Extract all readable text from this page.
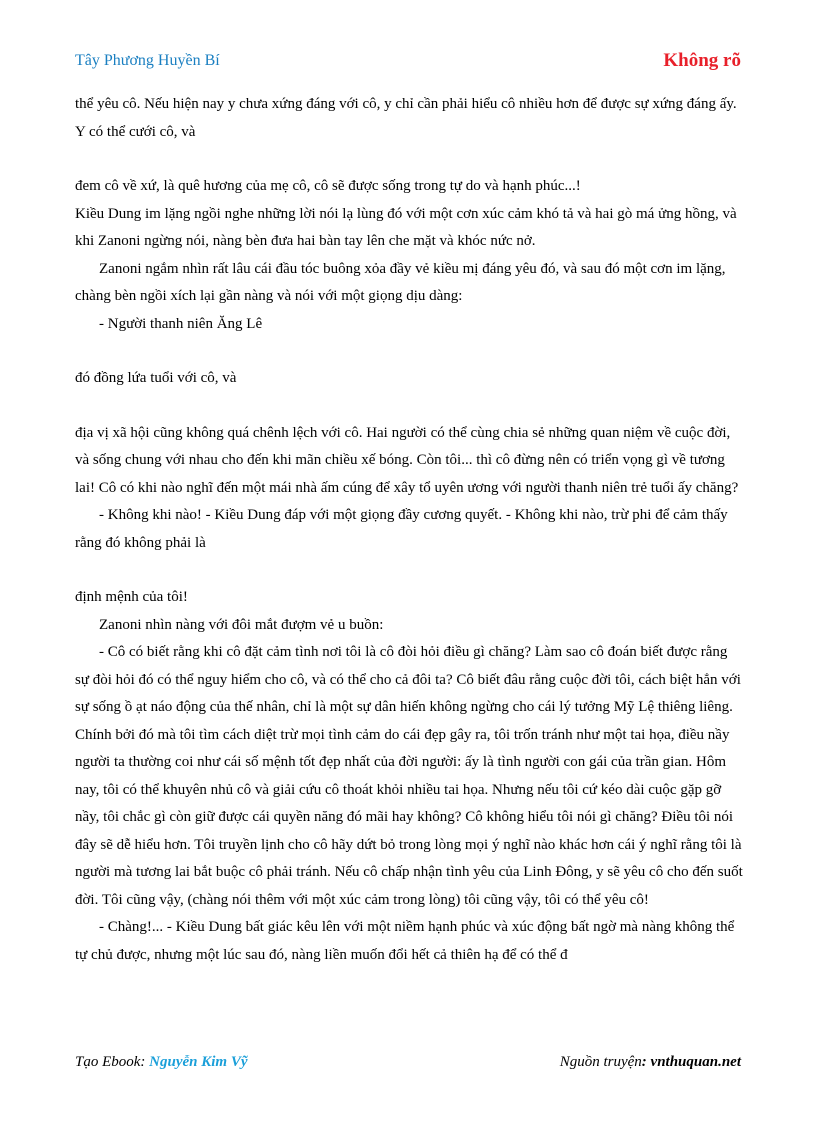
Tây Phương Huyền Bí	Không rõ

thể yêu cô. Nếu hiện nay y chưa xứng đáng với cô, y chỉ cần phải hiểu cô nhiều hơn để được sự xứng đáng ấy. Y có thể cưới cô, và

đem cô về xứ, là quê hương của mẹ cô, cô sẽ được sống trong tự do và hạnh phúc...!

Kiều Dung im lặng ngồi nghe những lời nói lạ lùng đó với một cơn xúc cảm khó tả và hai gò má ửng hồng, và khi Zanoni ngừng nói, nàng bèn đưa hai bàn tay lên che mặt và khóc nức nở.

Zanoni ngắm nhìn rất lâu cái đầu tóc buông xỏa đầy vẻ kiều mị đáng yêu đó, và sau đó một cơn im lặng, chàng bèn ngồi xích lại gần nàng và nói với một giọng dịu dàng:

- Người thanh niên Ăng Lê

đó đồng lứa tuổi với cô, và

địa vị xã hội cũng không quá chênh lệch với cô. Hai người có thể cùng chia sẻ những quan niệm về cuộc đời, và sống chung với nhau cho đến khi mãn chiều xế bóng. Còn tôi... thì cô đừng nên có triển vọng gì về tương lai! Cô có khi nào nghĩ đến một mái nhà ấm cúng để xây tổ uyên ương với người thanh niên trẻ tuổi ấy chăng?

- Không khi nào! - Kiều Dung đáp với một giọng đầy cương quyết. - Không khi nào, trừ phi để cảm thấy rằng đó không phải là

định mệnh của tôi!

Zanoni nhìn nàng với đôi mắt đượm vẻ u buồn:

- Cô có biết rằng khi cô đặt cảm tình nơi tôi là cô đòi hỏi điều gì chăng? Làm sao cô đoán biết được rằng sự đòi hỏi đó có thể nguy hiểm cho cô, và có thể cho cả đôi ta? Cô biết đâu rằng cuộc đời tôi, cách biệt hẳn với sự sống ồ ạt náo động của thế nhân, chỉ là một sự dân hiến không ngừng cho cái lý tưởng Mỹ Lệ thiêng liêng. Chính bởi đó mà tôi tìm cách diệt trừ mọi tình cảm do cái đẹp gây ra, tôi trốn tránh như một tai họa, điều nầy người ta thường coi như cái số mệnh tốt đẹp nhất của đời người: ấy là tình người con gái của trần gian. Hôm nay, tôi có thể khuyên nhủ cô và giải cứu cô thoát khỏi nhiều tai họa. Nhưng nếu tôi cứ kéo dài cuộc gặp gỡ nầy, tôi chắc gì còn giữ được cái quyền năng đó mãi hay không? Cô không hiểu tôi nói gì chăng? Điều tôi nói đây sẽ dễ hiểu hơn. Tôi truyền lịnh cho cô hãy dứt bỏ trong lòng mọi ý nghĩ nào khác hơn cái ý nghĩ rằng tôi là người mà tương lai bắt buộc cô phải tránh. Nếu cô chấp nhận tình yêu của Linh Đông, y sẽ yêu cô cho đến suốt đời. Tôi cũng vậy, (chàng nói thêm với một xúc cảm trong lòng) tôi cũng vậy, tôi có thể yêu cô!

- Chàng!... - Kiều Dung bất giác kêu lên với một niềm hạnh phúc và xúc động bất ngờ mà nàng không thể tự chủ được, nhưng một lúc sau đó, nàng liền muốn đổi hết cả thiên hạ để có thể đ

Tạo Ebook: Nguyễn Kim Vỹ	Nguồn truyện: vnthuquan.net
